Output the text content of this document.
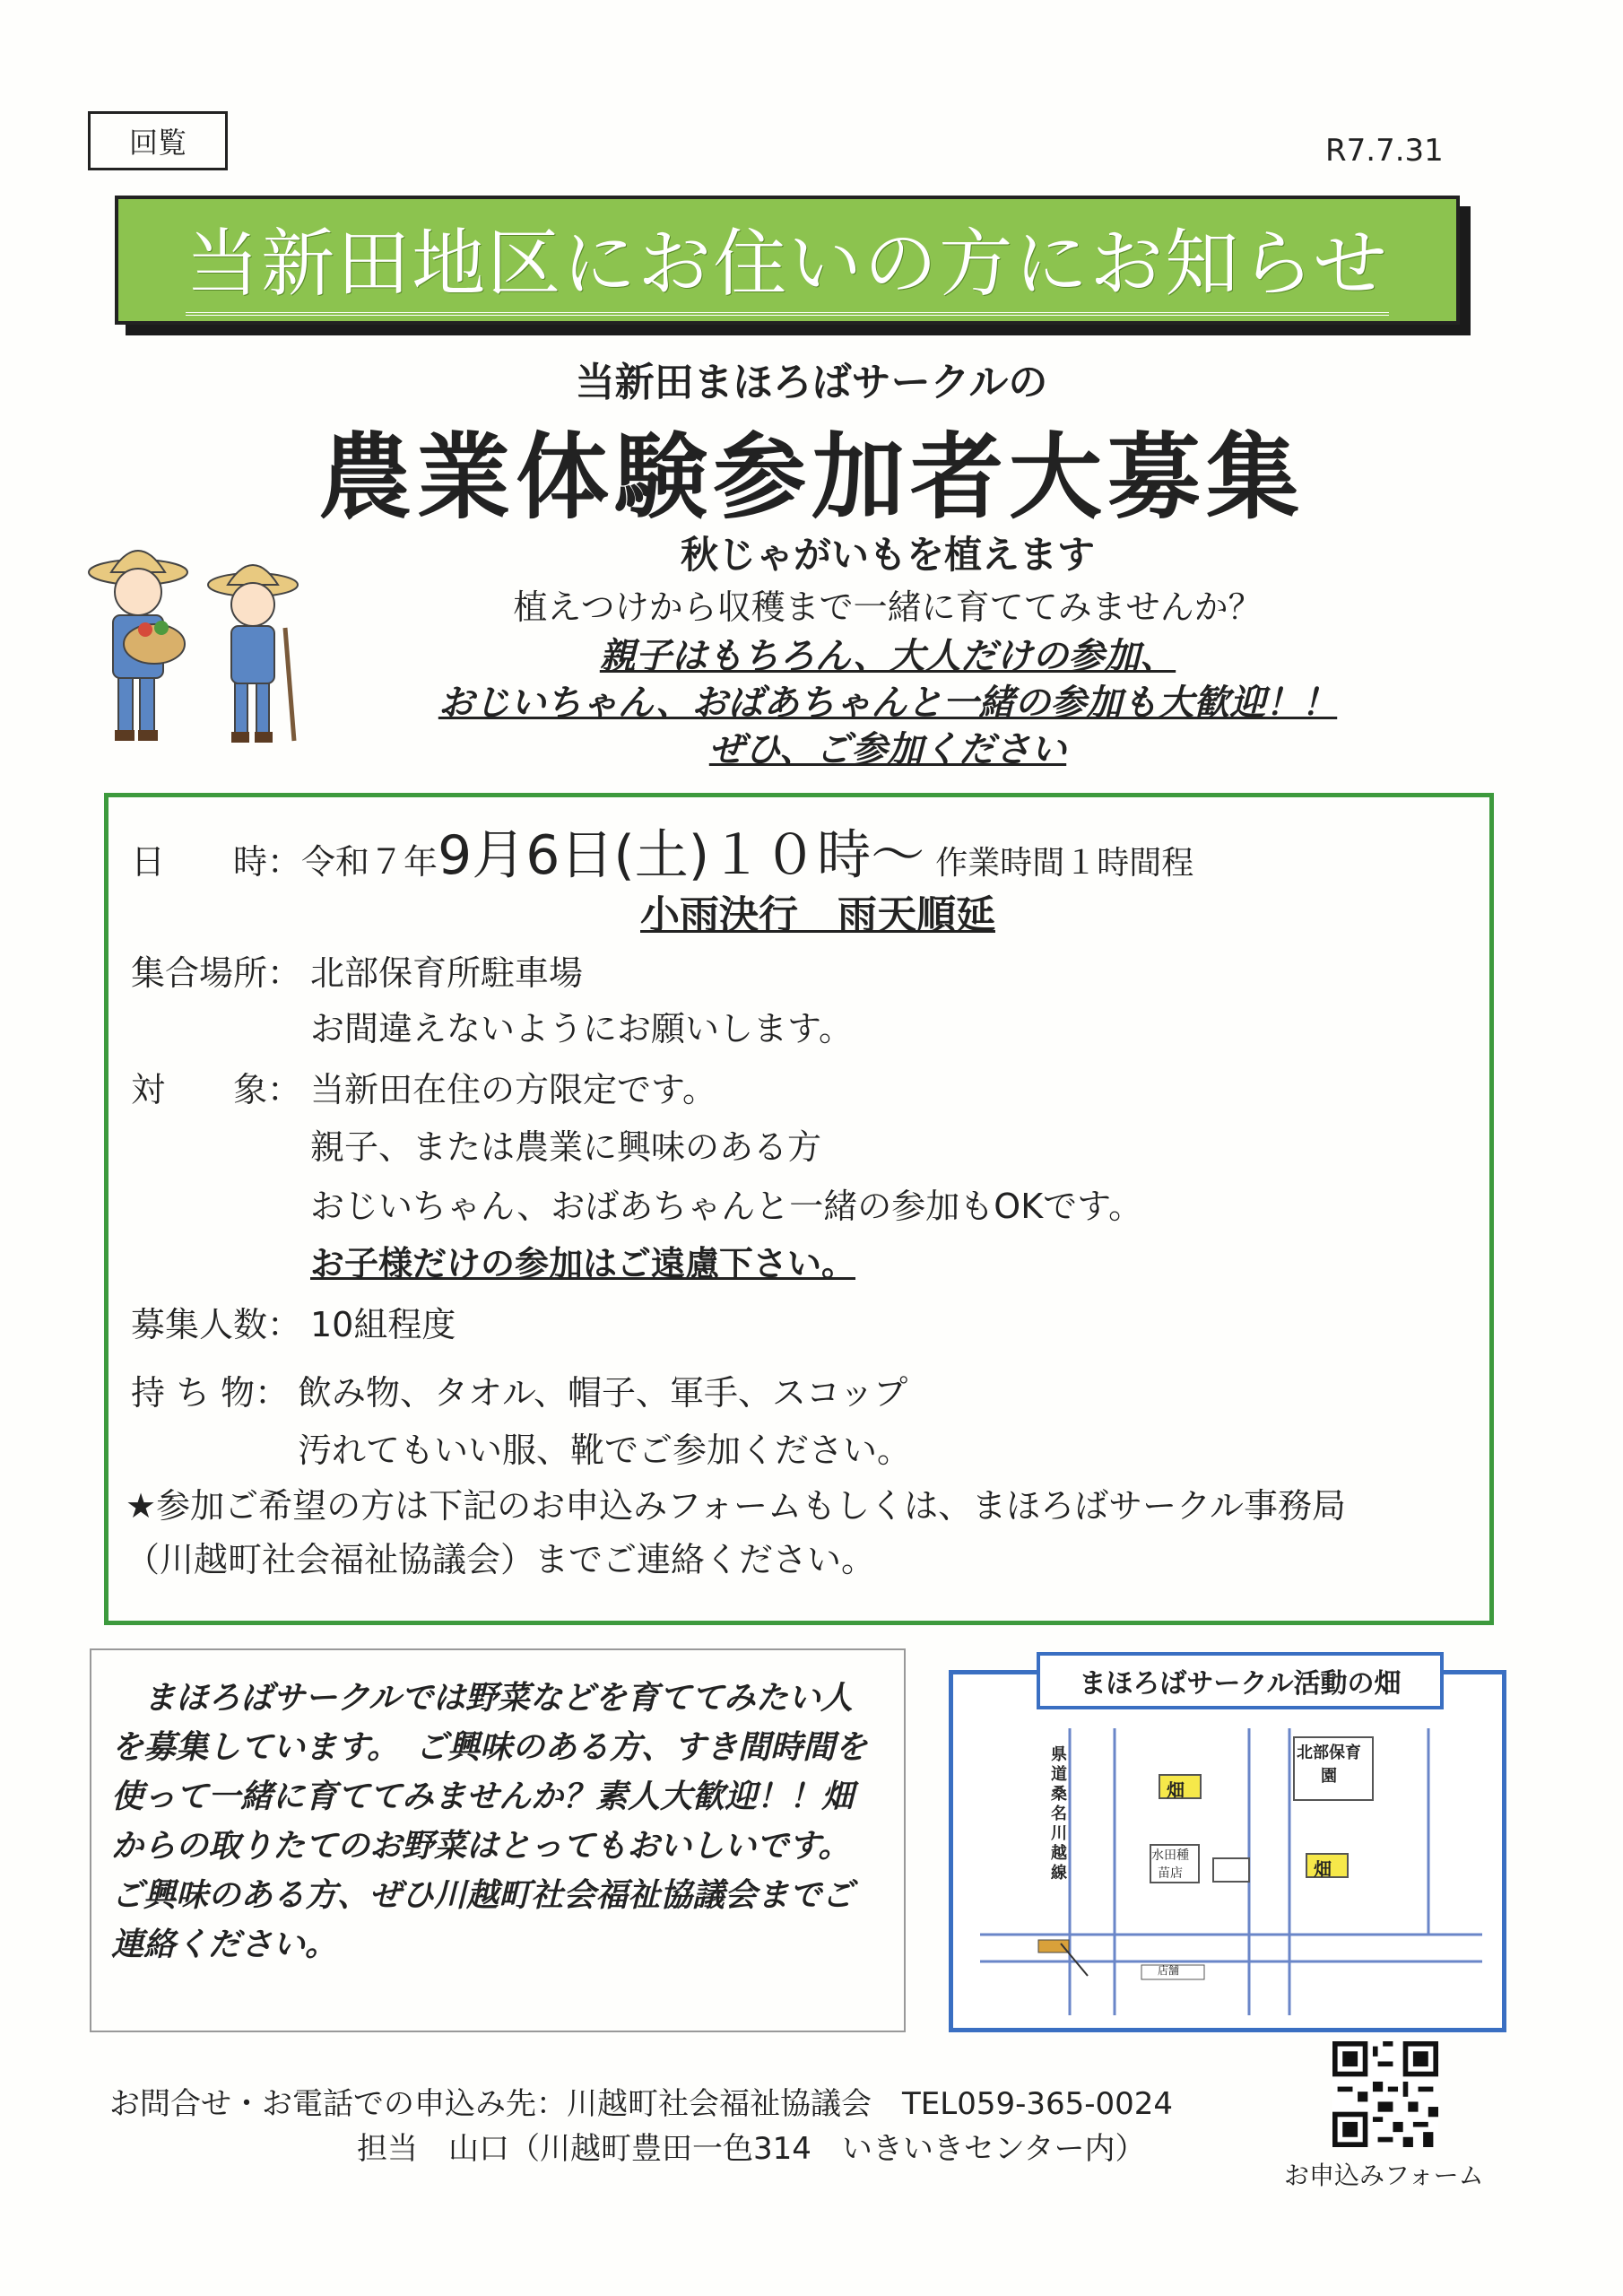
回覧	R7.7.31
当新田地区にお住いの方にお知らせ
当新田まほろばサークルの
農業体験参加者大募集
秋じゃがいもを植えます
植えつけから収穫まで一緒に育ててみませんか？
親子はもちろん、大人だけの参加、
おじいちゃん、おばあちゃんと一緒の参加も大歓迎！！
ぜひ、ご参加ください
日　　時：令和７年9月6日(土)１０時～ 作業時間１時間程
小雨決行　雨天順延
集合場所： 北部保育所駐車場
お間違えないようにお願いします。
対　　象： 当新田在住の方限定です。
親子、または農業に興味のある方
おじいちゃん、おばあちゃんと一緒の参加もOKです。
お子様だけの参加はご遠慮下さい。
募集人数： 10組程度
持 ち 物： 飲み物、タオル、帽子、軍手、スコップ
汚れてもいい服、靴でご参加ください。
★参加ご希望の方は下記のお申込みフォームもしくは、まほろばサークル事務局
（川越町社会福祉協議会）までご連絡ください。
　まほろばサークルでは野菜などを育ててみたい人を募集しています。　ご興味のある方、すき間時間を使って一緒に育ててみませんか？素人大歓迎！！畑からの取りたてのお野菜はとってもおいしいです。 ご興味のある方、ぜひ川越町社会福祉協議会までご連絡ください。
県道桑名川越線
北部保育園
畑
畑
水田種苗店
店舗
まほろばサークル活動の畑
お問合せ・お電話での申込み先：川越町社会福祉協議会　TEL059-365-0024
担当　山口（川越町豊田一色314　いきいきセンター内）
お申込みフォーム
